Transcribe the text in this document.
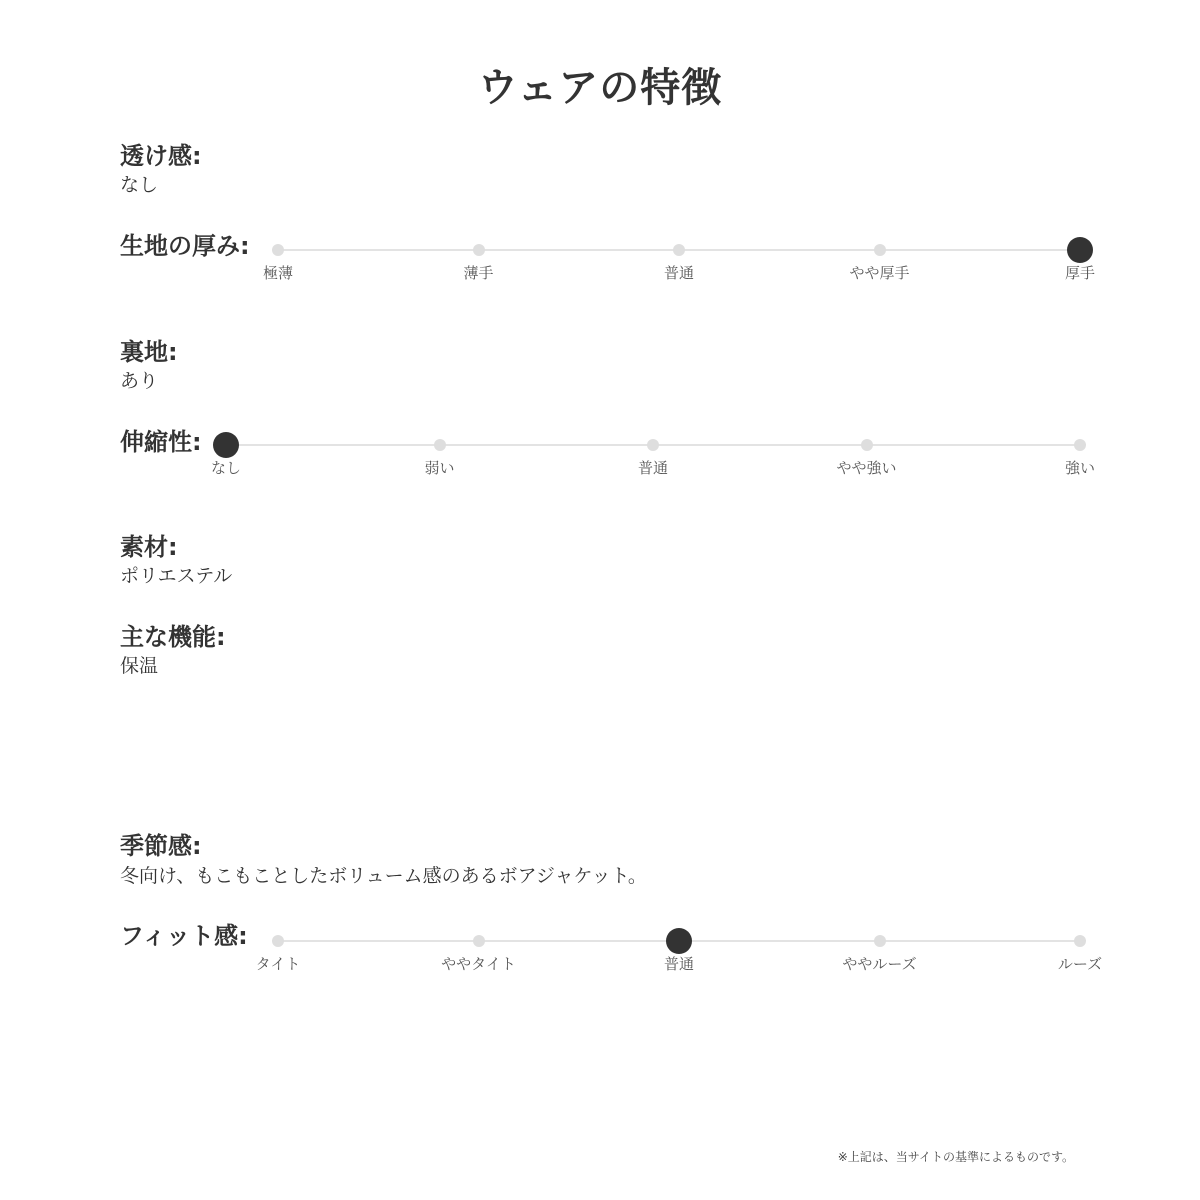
ウェアの特徴
透け感:
なし
生地の厚み:
極薄	薄手	普通	やや厚手	厚手
裏地:
あり
伸縮性:
なし	弱い	普通	やや強い	強い
素材:
ポリエステル
主な機能:
保温
季節感:
冬向け、もこもことしたボリューム感のあるボアジャケット。
フィット感:
タイト	ややタイト	普通	ややルーズ	ルーズ
※上記は、当サイトの基準によるものです。
